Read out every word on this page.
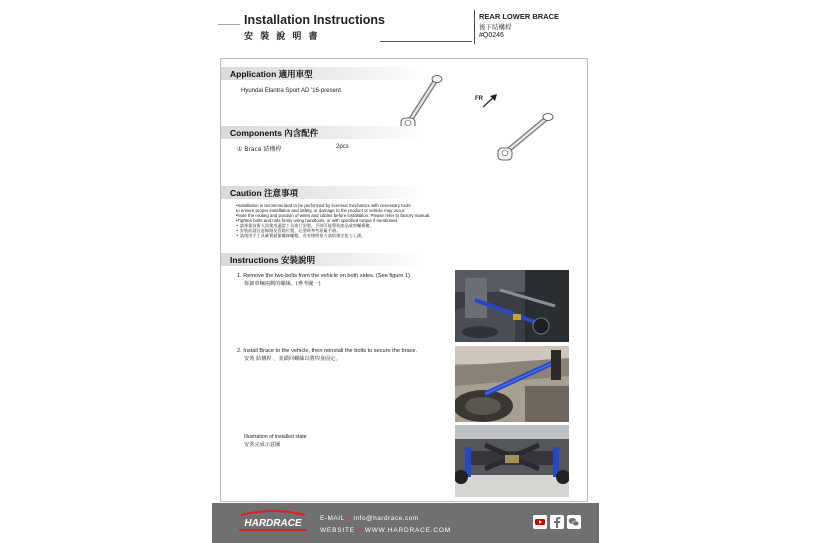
Installation Instructions
安 裝 說 明 書
REAR LOWER BRACE
後下結構桿
#Q0246
Application 適用車型
Hyundai Elantra Sport AD '16-present
FR
Components 內含配件
① Brace 結構桿	2pcs
Caution 注意事項
•Installation is recommended to be performed by licensed mechanics with necessary tools
to ensure proper installation and safety, or damage to the product or vehicle may occur.
•Note the routing and position of wires and cables before installation. Please refer to factory manual.
•Tighten bolts and nuts firmly using handtools, or with specified torque if mentioned.
• 請專業技術人員使用適當工具進行安裝，否則可能導致產品或車輛損壞。
• 安裝前請注意線路及管路位置，必要時參考原廠手冊。
• 請使用手工具確實鎖緊螺絲螺帽，若有標明扭力請依指定扭力上鎖。
Instructions 安裝說明
1. Remove the two bolts from the vehicle on both sides. (See figure 1)
拆卸車輛兩側的螺絲。(參考圖一)
2. Install Brace to the vehicle, then reinstall the bolts to secure the brace.
安裝 結構桿 ，並鎖回螺絲以將桿身固定。
Illustration of installed state
安裝完成示意圖
HARDRACE	E-MAIL ● info@hardrace.com
WEBSITE ● WWW.HARDRACE.COM
